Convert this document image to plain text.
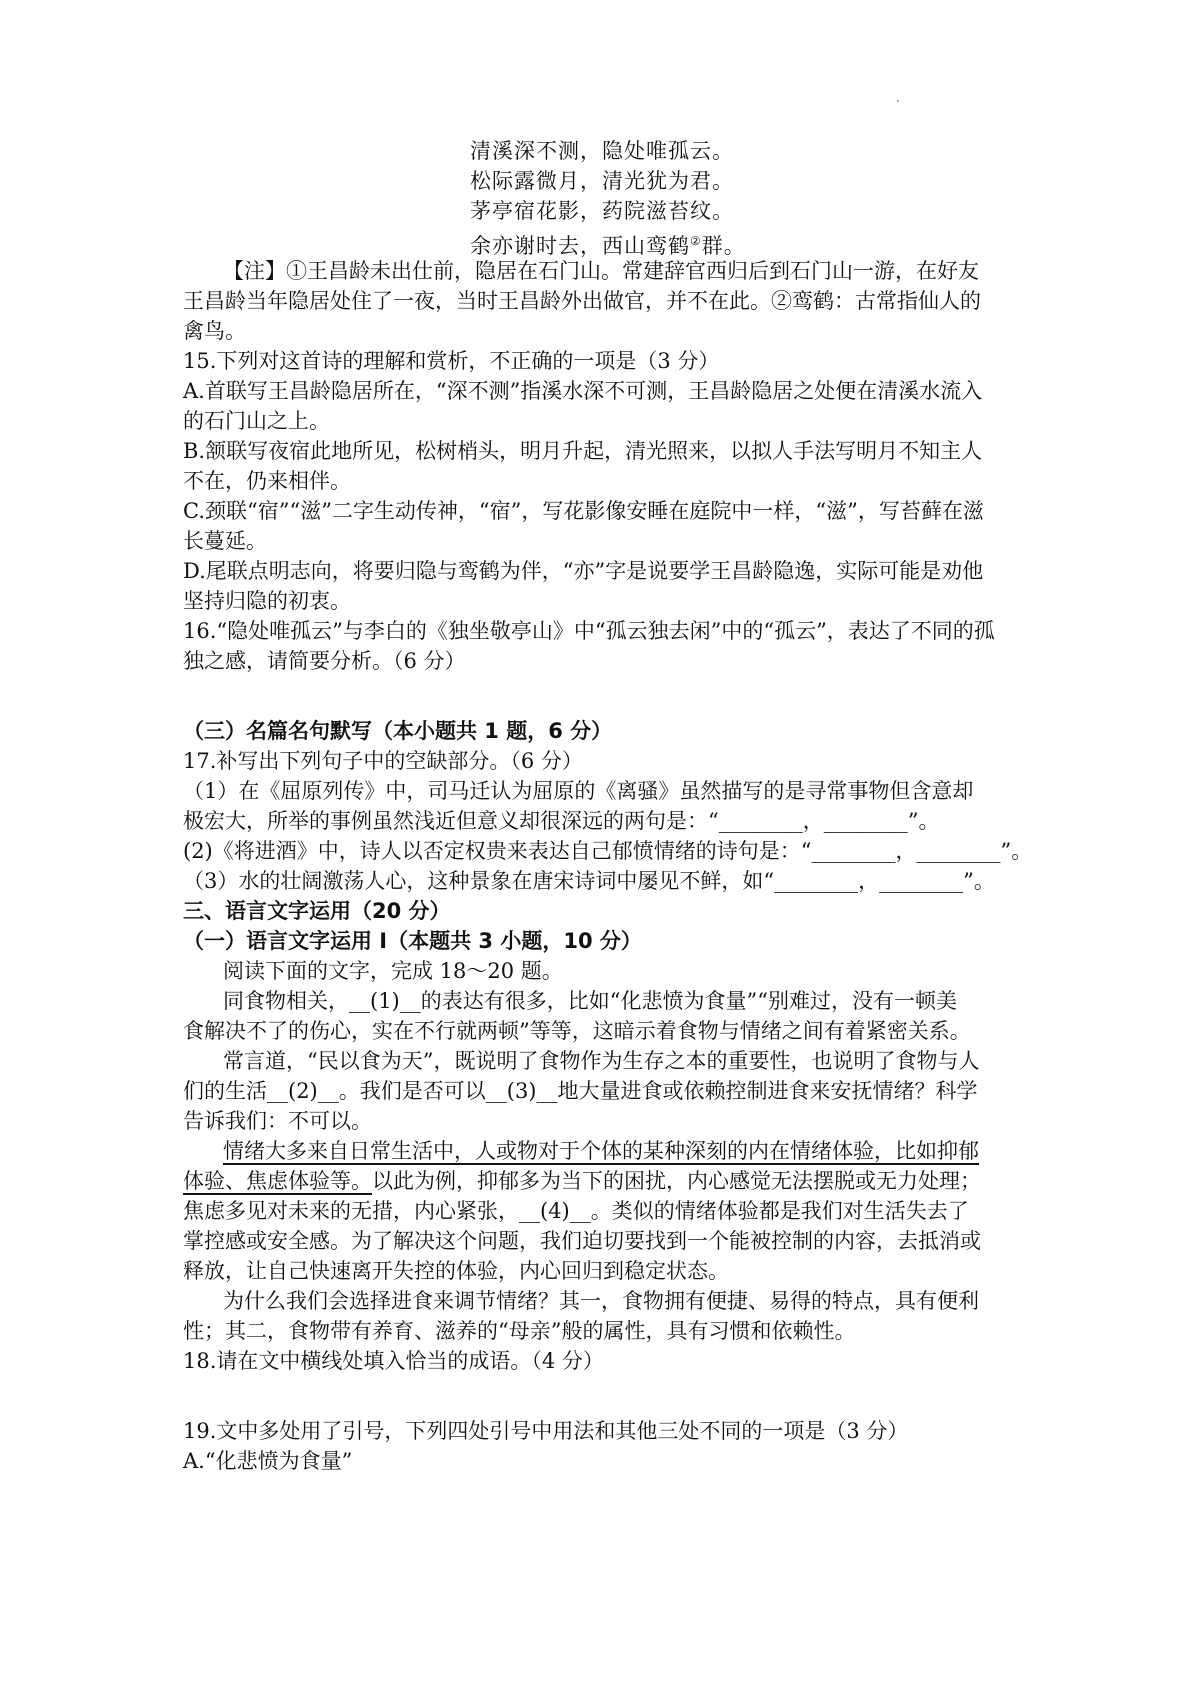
清溪深不测，隐处唯孤云。
松际露微月，清光犹为君。
茅亭宿花影，药院滋苔纹。
余亦谢时去，西山鸾鹤②群。
【注】①王昌龄未出仕前，隐居在石门山。常建辞官西归后到石门山一游，在好友
王昌龄当年隐居处住了一夜，当时王昌龄外出做官，并不在此。②鸾鹤：古常指仙人的
禽鸟。
15.下列对这首诗的理解和赏析，不正确的一项是（3 分）
A.首联写王昌龄隐居所在，“深不测”指溪水深不可测，王昌龄隐居之处便在清溪水流入
的石门山之上。
B.颔联写夜宿此地所见，松树梢头，明月升起，清光照来，以拟人手法写明月不知主人
不在，仍来相伴。
C.颈联“宿”“滋”二字生动传神，“宿”，写花影像安睡在庭院中一样，“滋”，写苔藓在滋
长蔓延。
D.尾联点明志向，将要归隐与鸾鹤为伴，“亦”字是说要学王昌龄隐逸，实际可能是劝他
坚持归隐的初衷。
16.“隐处唯孤云”与李白的《独坐敬亭山》中“孤云独去闲”中的“孤云”，表达了不同的孤
独之感，请简要分析。（6 分）
（三）名篇名句默写（本小题共 1 题，6 分）
17.补写出下列句子中的空缺部分。（6 分）
（1）在《屈原列传》中，司马迁认为屈原的《离骚》虽然描写的是寻常事物但含意却
极宏大，所举的事例虽然浅近但意义却很深远的两句是：“________，________”。
(2)《将进酒》中，诗人以否定权贵来表达自己郁愤情绪的诗句是：“________，________”。
（3）水的壮阔激荡人心，这种景象在唐宋诗词中屡见不鲜，如“________，________”。
三、语言文字运用（20 分）
（一）语言文字运用 I（本题共 3 小题，10 分）
阅读下面的文字，完成 18～20 题。
同食物相关，__(1)__的表达有很多，比如“化悲愤为食量”“别难过，没有一顿美
食解决不了的伤心，实在不行就两顿”等等，这暗示着食物与情绪之间有着紧密关系。
常言道，“民以食为天”，既说明了食物作为生存之本的重要性，也说明了食物与人
们的生活__(2)__。我们是否可以__(3)__地大量进食或依赖控制进食来安抚情绪？科学
告诉我们：不可以。
情绪大多来自日常生活中，人或物对于个体的某种深刻的内在情绪体验，比如抑郁
体验、焦虑体验等。以此为例，抑郁多为当下的困扰，内心感觉无法摆脱或无力处理；
焦虑多见对未来的无措，内心紧张，__(4)__。类似的情绪体验都是我们对生活失去了
掌控感或安全感。为了解决这个问题，我们迫切要找到一个能被控制的内容，去抵消或
释放，让自己快速离开失控的体验，内心回归到稳定状态。
为什么我们会选择进食来调节情绪？其一，食物拥有便捷、易得的特点，具有便利
性；其二，食物带有养育、滋养的“母亲”般的属性，具有习惯和依赖性。
18.请在文中横线处填入恰当的成语。（4 分）
19.文中多处用了引号，下列四处引号中用法和其他三处不同的一项是（3 分）
A.“化悲愤为食量”
